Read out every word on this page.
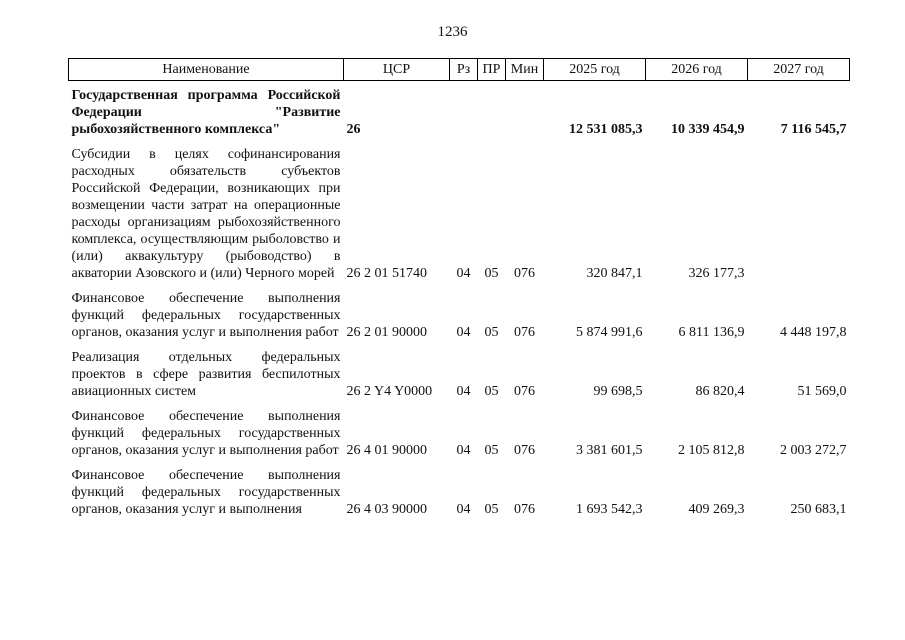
1236
Наименование	ЦСР	Рз	ПР	Мин	2025 год	2026 год	2027 год
Государственная программа Российской Федерации "Развитие рыбохозяйственного комплекса"	26				12 531 085,3	10 339 454,9	7 116 545,7
Субсидии в целях софинансирования расходных обязательств субъектов Российской Федерации, возникающих при возмещении части затрат на операционные расходы организациям рыбохозяйственного комплекса, осуществляющим рыболовство и (или) аквакультуру (рыбоводство) в акватории Азовского и (или) Черного морей	26 2 01 51740	04	05	076	320 847,1	326 177,3	
Финансовое обеспечение выполнения функций федеральных государственных органов, оказания услуг и выполнения работ	26 2 01 90000	04	05	076	5 874 991,6	6 811 136,9	4 448 197,8
Реализация отдельных федеральных проектов в сфере развития беспилотных авиационных систем	26 2 Y4 Y0000	04	05	076	99 698,5	86 820,4	51 569,0
Финансовое обеспечение выполнения функций федеральных государственных органов, оказания услуг и выполнения работ	26 4 01 90000	04	05	076	3 381 601,5	2 105 812,8	2 003 272,7
Финансовое обеспечение выполнения функций федеральных государственных органов, оказания услуг и выполнения	26 4 03 90000	04	05	076	1 693 542,3	409 269,3	250 683,1
